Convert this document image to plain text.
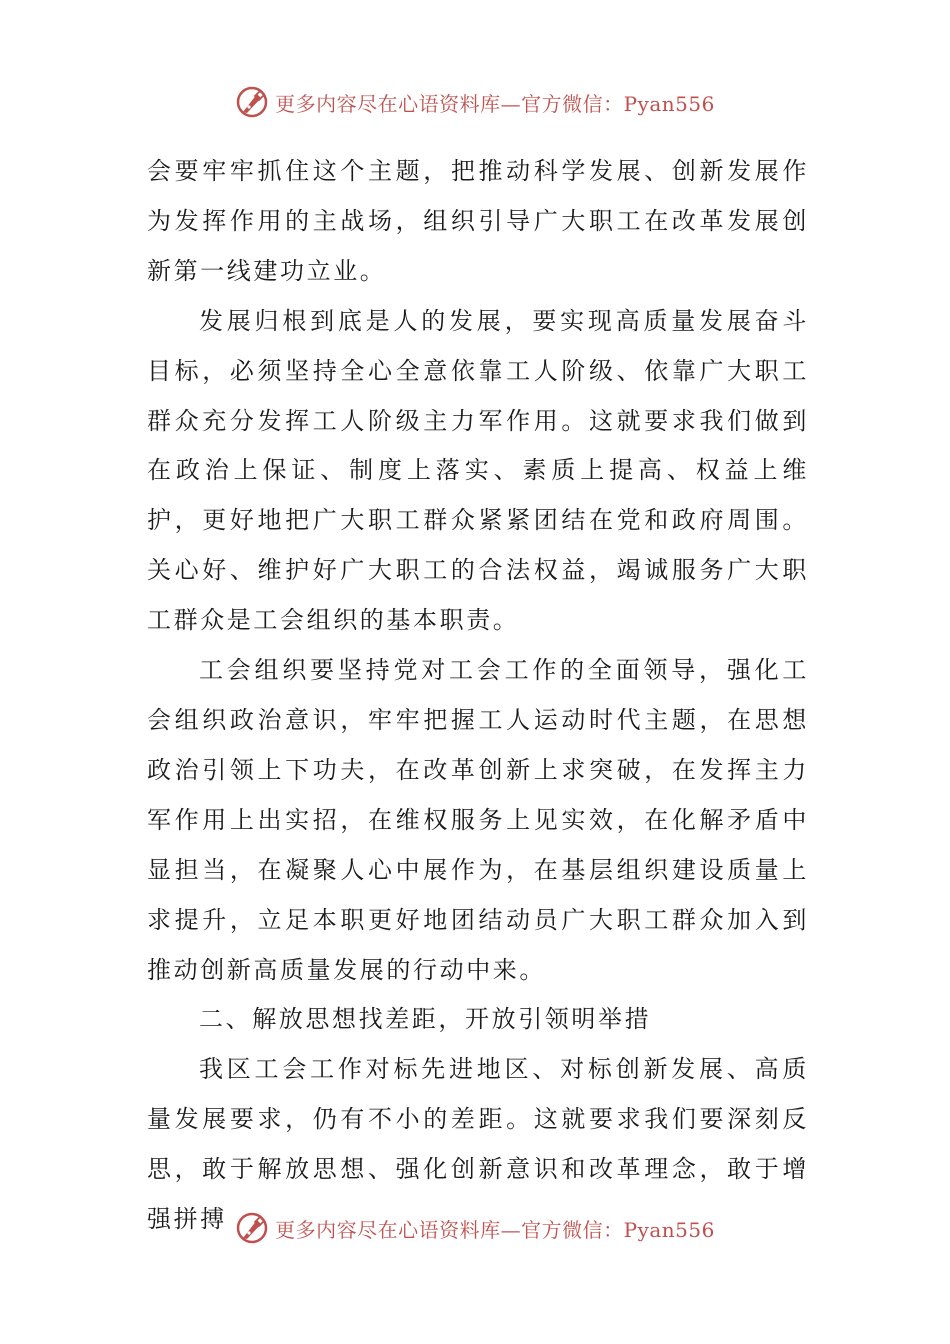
更多内容尽在心语资料库—官方微信：Pyan556

会要牢牢抓住这个主题，把推动科学发展、创新发展作为发挥作用的主战场，组织引导广大职工在改革发展创新第一线建功立业。

发展归根到底是人的发展，要实现高质量发展奋斗目标，必须坚持全心全意依靠工人阶级、依靠广大职工群众充分发挥工人阶级主力军作用。这就要求我们做到在政治上保证、制度上落实、素质上提高、权益上维护，更好地把广大职工群众紧紧团结在党和政府周围。关心好、维护好广大职工的合法权益，竭诚服务广大职工群众是工会组织的基本职责。

工会组织要坚持党对工会工作的全面领导，强化工会组织政治意识，牢牢把握工人运动时代主题，在思想政治引领上下功夫，在改革创新上求突破，在发挥主力军作用上出实招，在维权服务上见实效，在化解矛盾中显担当，在凝聚人心中展作为，在基层组织建设质量上求提升，立足本职更好地团结动员广大职工群众加入到推动创新高质量发展的行动中来。

二、解放思想找差距，开放引领明举措

我区工会工作对标先进地区、对标创新发展、高质量发展要求，仍有不小的差距。这就要求我们要深刻反思，敢于解放思想、强化创新意识和改革理念，敢于增强拼搏	更多内容尽在心语资料库—官方微信：Pyan556
